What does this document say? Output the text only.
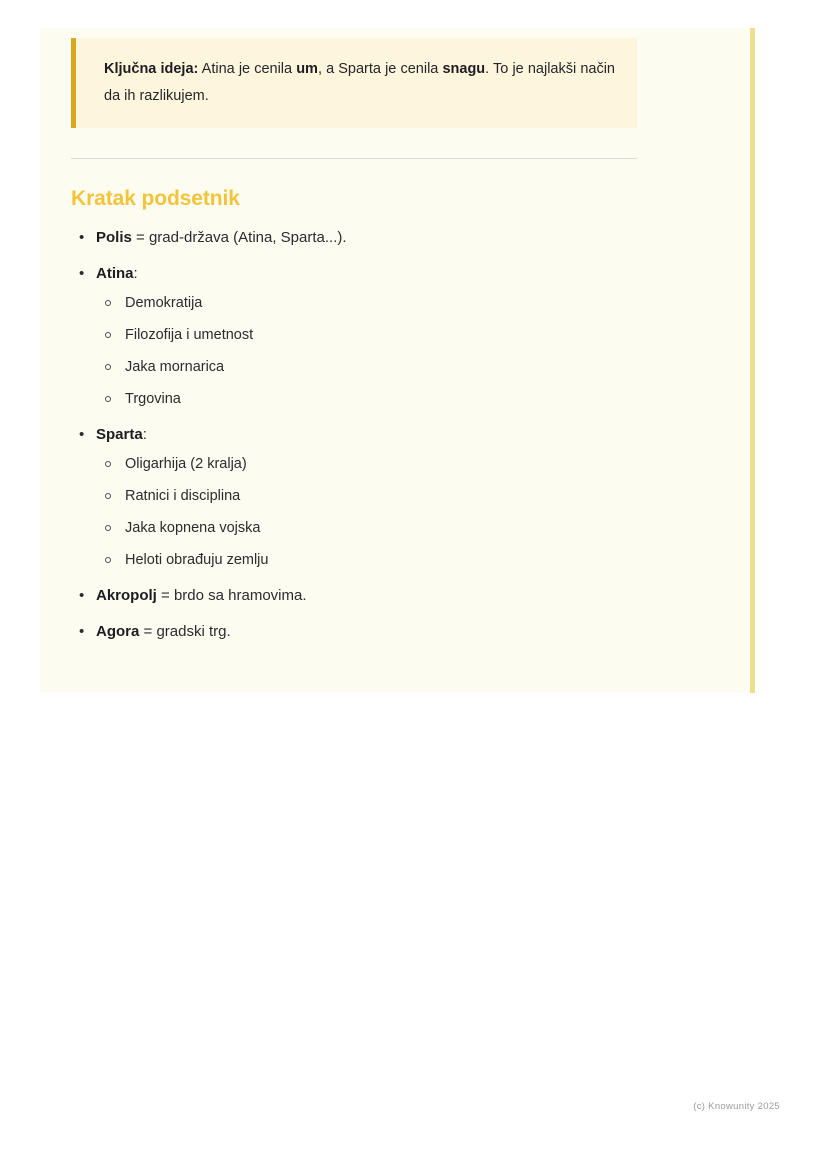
Ključna ideja: Atina je cenila um, a Sparta je cenila snagu. To je najlakši način da ih razlikujem.

Kratak podsetnik
• Polis = grad-država (Atina, Sparta...).
• Atina:
Demokratija
Filozofija i umetnost
Jaka mornarica
Trgovina
• Sparta:
Oligarhija (2 kralja)
Ratnici i disciplina
Jaka kopnena vojska
Heloti obrađuju zemlju
• Akropolj = brdo sa hramovima.
• Agora = gradski trg.
(c) Knowunity 2025
